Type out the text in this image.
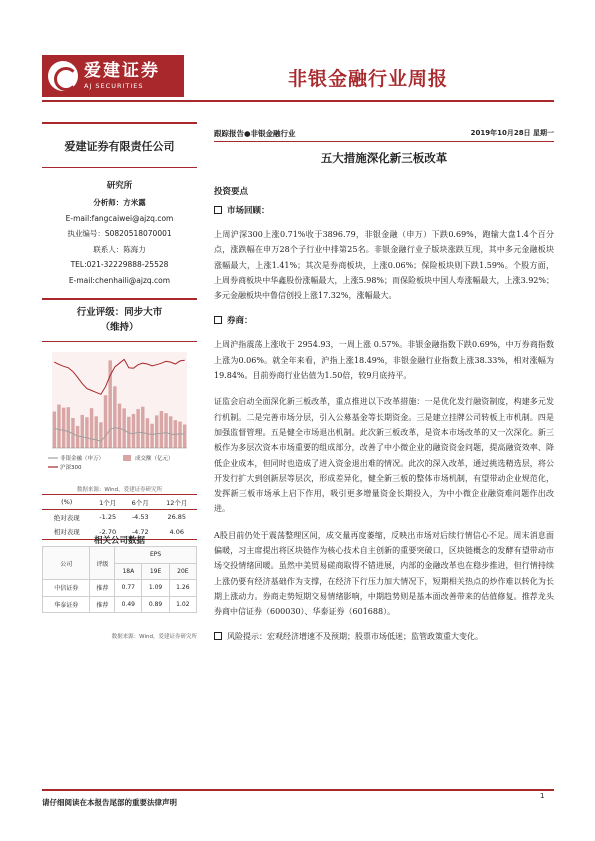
爱建证券
AJ SECURITIES	非银金融行业周报
爱建证券有限责任公司
研究所
分析师：方米露
E-mail:fangcaiwei@ajzq.com
执业编号：S0820518070001
联系人：陈海力
TEL:021-32229888-25528
E-mail:chenhaili@ajzq.com
行业评级：同步大市
（维持）
非银金融（申万）	成交额（亿元）
沪深300
数据来源：Wind，爱建证券研究所
(%)	1个月	6个月	12个月
绝对表现	-1.25	-4.53	26.85
相对表现	-2.70	-4.72	4.06
相关公司数据
公司	评级	EPS		
		18A	19E	20E
中信证券	推荐	0.77	1.09	1.26
华泰证券	推荐	0.49	0.89	1.02
数据来源：Wind，爱建证券研究所
跟踪报告●非银金融行业	2019年10月28日 星期一
五大措施深化新三板改革
投资要点
市场回顾：
上周沪深300上涨0.71%收于3896.79，非银金融（申万）下跌0.69%，跑输大盘1.4个百分点，涨跌幅在申万28个子行业中排第25名。非银金融行业子版块涨跌互现，其中多元金融板块涨幅最大，上涨1.41%；其次是券商板块，上涨0.06%；保险板块则下跌1.59%。个股方面，上周券商板块中华鑫股份涨幅最大，上涨5.98%；而保险板块中国人寿涨幅最大，上涨3.92%；多元金融板块中鲁信创投上涨17.32%，涨幅最大。
券商：
上周沪指震荡上涨收于 2954.93，一周上涨 0.57%。非银金融指数下跌0.69%，中万券商指数上涨为0.06%。就全年来看，沪指上涨18.49%，非银金融行业指数上涨38.33%，相对涨幅为19.84%。目前券商行业估值为1.50倍，较9月底持平。
证监会启动全面深化新三板改革，重点推进以下改革措施：一是优化发行融资制度，构建多元发行机制。二是完善市场分层，引入公募基金等长期资金。三是建立挂牌公司转板上市机制。四是加强监督管理。五是健全市场退出机制。此次新三板改革，是资本市场改革的又一次深化。新三板作为多层次资本市场重要的组成部分，改善了中小微企业的融资资金问题，提高融资效率、降低企业成本，但同时也造成了进入资金退出难的情况。此次的深入改革，通过挑选精选层，将公开发行扩大到创新层等层次，形成差异化，健全新三板的整体市场机制，有望带动企业规范化，发挥新三板市场承上启下作用，吸引更多增量资金长期投入，为中小微企业融资难问题作出改进。
A股目前仍处于震荡整理区间，成交量再度萎缩，反映出市场对后续行情信心不足。周末消息面偏暖，习主席提出将区块链作为核心技术自主创新的重要突破口，区块链概念的发酵有望带动市场交投情绪回暖。虽然中美贸易磋商取得不错进展，内部的金融改革也在稳步推进，但行情持续上涨仍要有经济基础作为支撑，在经济下行压力加大情况下，短期相关热点的炒作难以转化为长期上涨动力。券商走势短期交易情绪影响，中期趋势则是基本面改善带来的估值修复。推荐龙头券商中信证券（600030）、华泰证券（601688）。
风险提示：宏观经济增速不及预期；股票市场低迷；监管政策重大变化。
请仔细阅读在本报告尾部的重要法律声明
1
